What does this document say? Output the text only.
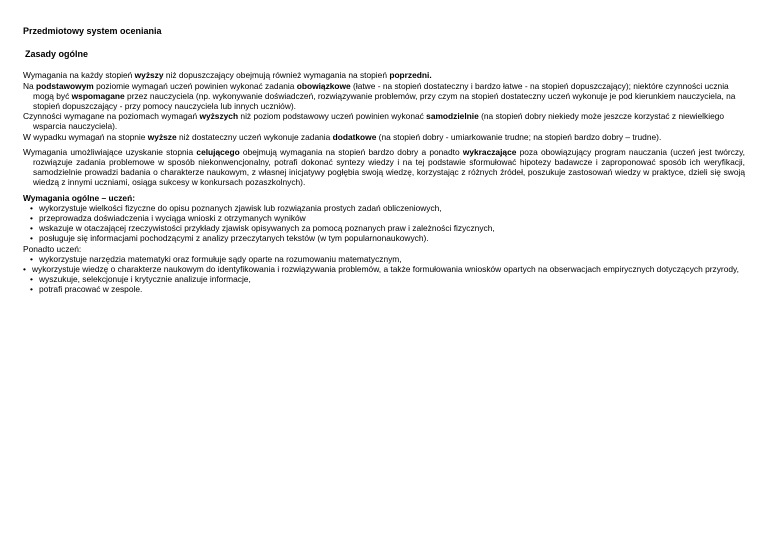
Przedmiotowy system oceniania
Zasady ogólne

Wymagania na każdy stopień wyższy niż dopuszczający obejmują również wymagania na stopień poprzedni.

Na podstawowym poziomie wymagań uczeń powinien wykonać zadania obowiązkowe (łatwe - na stopień dostateczny i bardzo łatwe - na stopień dopuszczający); niektóre czynności ucznia mogą być wspomagane przez nauczyciela (np. wykonywanie doświadczeń, rozwiązywanie problemów, przy czym na stopień dostateczny uczeń wykonuje je pod kierunkiem nauczyciela, na stopień dopuszczający - przy pomocy nauczyciela lub innych uczniów).

Czynności wymagane na poziomach wymagań wyższych niż poziom podstawowy uczeń powinien wykonać samodzielnie (na stopień dobry niekiedy może jeszcze korzystać z niewielkiego wsparcia nauczyciela).

W wypadku wymagań na stopnie wyższe niż dostateczny uczeń wykonuje zadania dodatkowe (na stopień dobry - umiarkowanie trudne; na stopień bardzo dobry – trudne).

Wymagania umożliwiające uzyskanie stopnia celującego obejmują wymagania na stopień bardzo dobry a ponadto wykraczające poza obowiązujący program nauczania (uczeń jest twórczy, rozwiązuje zadania problemowe w sposób niekonwencjonalny, potrafi dokonać syntezy wiedzy i na tej podstawie sformułować hipotezy badawcze i zaproponować sposób ich weryfikacji, samodzielnie prowadzi badania o charakterze naukowym, z własnej inicjatywy pogłębia swoją wiedzę, korzystając z różnych źródeł, poszukuje zastosowań wiedzy w praktyce, dzieli się swoją wiedzą z innymi uczniami, osiąga sukcesy w konkursach pozaszkolnych).

Wymagania ogólne – uczeń:
• wykorzystuje wielkości fizyczne do opisu poznanych zjawisk lub rozwiązania prostych zadań obliczeniowych,
• przeprowadza doświadczenia i wyciąga wnioski z otrzymanych wyników
• wskazuje w otaczającej rzeczywistości przykłady zjawisk opisywanych za pomocą poznanych praw i zależności fizycznych,
• posługuje się informacjami pochodzącymi z analizy przeczytanych tekstów (w tym popularnonaukowych).
Ponadto uczeń:
• wykorzystuje narzędzia matematyki oraz formułuje sądy oparte na rozumowaniu matematycznym,
• wykorzystuje wiedzę o charakterze naukowym do identyfikowania i rozwiązywania problemów, a także formułowania wniosków opartych na obserwacjach empirycznych dotyczących przyrody,
• wyszukuje, selekcjonuje i krytycznie analizuje informacje,
• potrafi pracować w zespole.
